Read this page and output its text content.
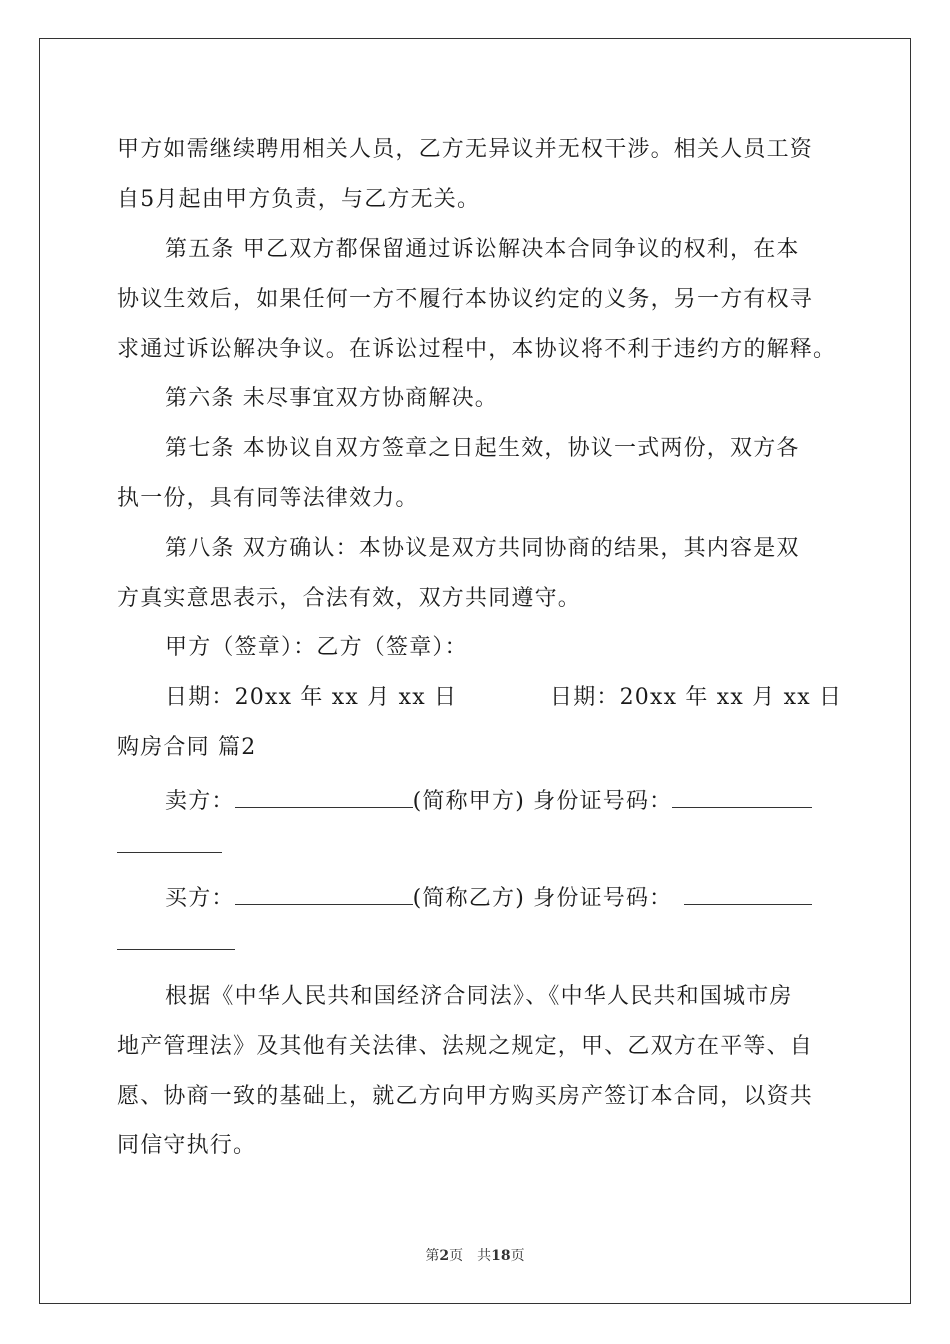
甲方如需继续聘用相关人员，乙方无异议并无权干涉。相关人员工资
自5月起由甲方负责，与乙方无关。
第五条 甲乙双方都保留通过诉讼解决本合同争议的权利，在本
协议生效后，如果任何一方不履行本协议约定的义务，另一方有权寻
求通过诉讼解决争议。在诉讼过程中，本协议将不利于违约方的解释。
第六条 未尽事宜双方协商解决。
第七条 本协议自双方签章之日起生效，协议一式两份，双方各
执一份，具有同等法律效力。
第八条 双方确认：本协议是双方共同协商的结果，其内容是双
方真实意思表示，合法有效，双方共同遵守。
甲方（签章）：乙方（签章）：
日期：20xx 年 xx 月 xx 日	日期：20xx 年 xx 月 xx 日
购房合同 篇2
卖方：	(简称甲方) 身份证号码：
买方：	(简称乙方) 身份证号码：
根据《中华人民共和国经济合同法》、《中华人民共和国城市房
地产管理法》及其他有关法律、法规之规定，甲、乙双方在平等、自
愿、协商一致的基础上，就乙方向甲方购买房产签订本合同，以资共
同信守执行。
第2页　共18页
